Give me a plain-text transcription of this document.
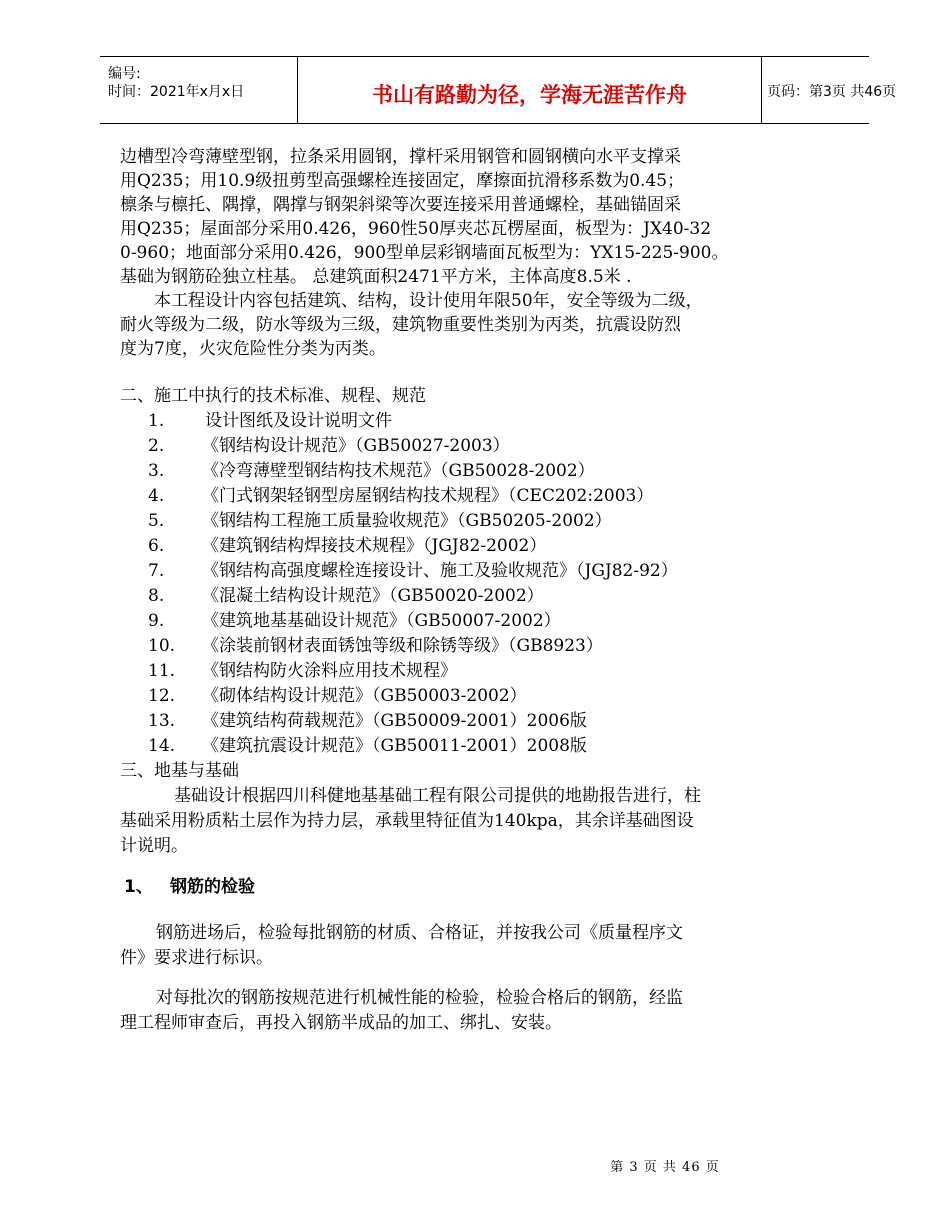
编号:
时间：2021年x月x日	书山有路勤为径，学海无涯苦作舟	页码：第3页 共46页

边槽型冷弯薄壁型钢，拉条采用圆钢，撑杆采用钢管和圆钢横向水平支撑采

用Q235；用10.9级扭剪型高强螺栓连接固定，摩擦面抗滑移系数为0.45；

檩条与檩托、隅撑，隅撑与钢架斜梁等次要连接采用普通螺栓，基础锚固采

用Q235；屋面部分采用0.426，960性50厚夹芯瓦楞屋面，板型为：JX40-32

0-960；地面部分采用0.426，900型单层彩钢墙面瓦板型为：YX15-225-900。

基础为钢筋砼独立柱基。 总建筑面积2471平方米，主体高度8.5米 .

本工程设计内容包括建筑、结构，设计使用年限50年，安全等级为二级，

耐火等级为二级，防水等级为三级，建筑物重要性类别为丙类，抗震设防烈

度为7度，火灾危险性分类为丙类。

二、施工中执行的技术标准、规程、规范
1. 设计图纸及设计说明文件
2. 《钢结构设计规范》（GB50027-2003）
3. 《冷弯薄壁型钢结构技术规范》（GB50028-2002）
4. 《门式钢架轻钢型房屋钢结构技术规程》（CEC202:2003）
5. 《钢结构工程施工质量验收规范》（GB50205-2002）
6. 《建筑钢结构焊接技术规程》（JGJ82-2002）
7. 《钢结构高强度螺栓连接设计、施工及验收规范》（JGJ82-92）
8. 《混凝土结构设计规范》（GB50020-2002）
9. 《建筑地基基础设计规范》（GB50007-2002）
10. 《涂装前钢材表面锈蚀等级和除锈等级》（GB8923）
11. 《钢结构防火涂料应用技术规程》
12. 《砌体结构设计规范》（GB50003-2002）
13. 《建筑结构荷载规范》（GB50009-2001）2006版
14. 《建筑抗震设计规范》（GB50011-2001）2008版
三、地基与基础

基础设计根据四川科健地基基础工程有限公司提供的地勘报告进行，柱

基础采用粉质粘土层作为持力层，承载里特征值为140kpa，其余详基础图设

计说明。

1、 钢筋的检验
钢筋进场后，检验每批钢筋的材质、合格证，并按我公司《质量程序文
件》要求进行标识。
对每批次的钢筋按规范进行机械性能的检验，检验合格后的钢筋，经监
理工程师审查后，再投入钢筋半成品的加工、绑扎、安装。
第 3 页 共 46 页
